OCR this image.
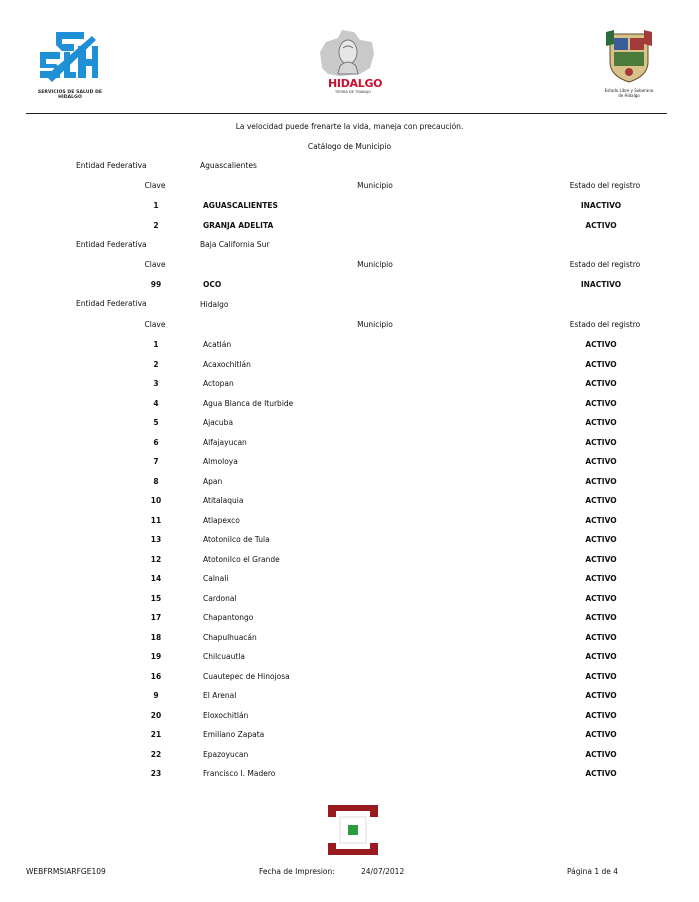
SERVICIOS DE SALUD DE HIDALGO
HIDALGO
TIERRA DE TRABAJO	Estado Libre y Soberano de Hidalgo
La velocidad puede frenarte la vida, maneja con precaución.
Catálogo de Municipio
Entidad Federativa	Aguascalientes
Clave	Municipio	Estado del registro
1	AGUASCALIENTES	INACTIVO
2	GRANJA ADELITA	ACTIVO
Entidad Federativa	Baja California Sur
Clave	Municipio	Estado del registro
99	OCO	INACTIVO
Entidad Federativa	Hidalgo
Clave	Municipio	Estado del registro
1	Acatlán	ACTIVO
2	Acaxochitlán	ACTIVO
3	Actopan	ACTIVO
4	Agua Blanca de Iturbide	ACTIVO
5	Ajacuba	ACTIVO
6	Alfajayucan	ACTIVO
7	Almoloya	ACTIVO
8	Apan	ACTIVO
10	Atitalaquia	ACTIVO
11	Atlapexco	ACTIVO
13	Atotonilco de Tula	ACTIVO
12	Atotonilco el Grande	ACTIVO
14	Calnali	ACTIVO
15	Cardonal	ACTIVO
17	Chapantongo	ACTIVO
18	Chapulhuacán	ACTIVO
19	Chilcuautla	ACTIVO
16	Cuautepec de Hinojosa	ACTIVO
9	El Arenal	ACTIVO
20	Eloxochitlán	ACTIVO
21	Emiliano Zapata	ACTIVO
22	Epazoyucan	ACTIVO
23	Francisco I. Madero	ACTIVO
WEBFRMSIARFGE109	Fecha de Impresion:	24/07/2012	Página 1 de 4
